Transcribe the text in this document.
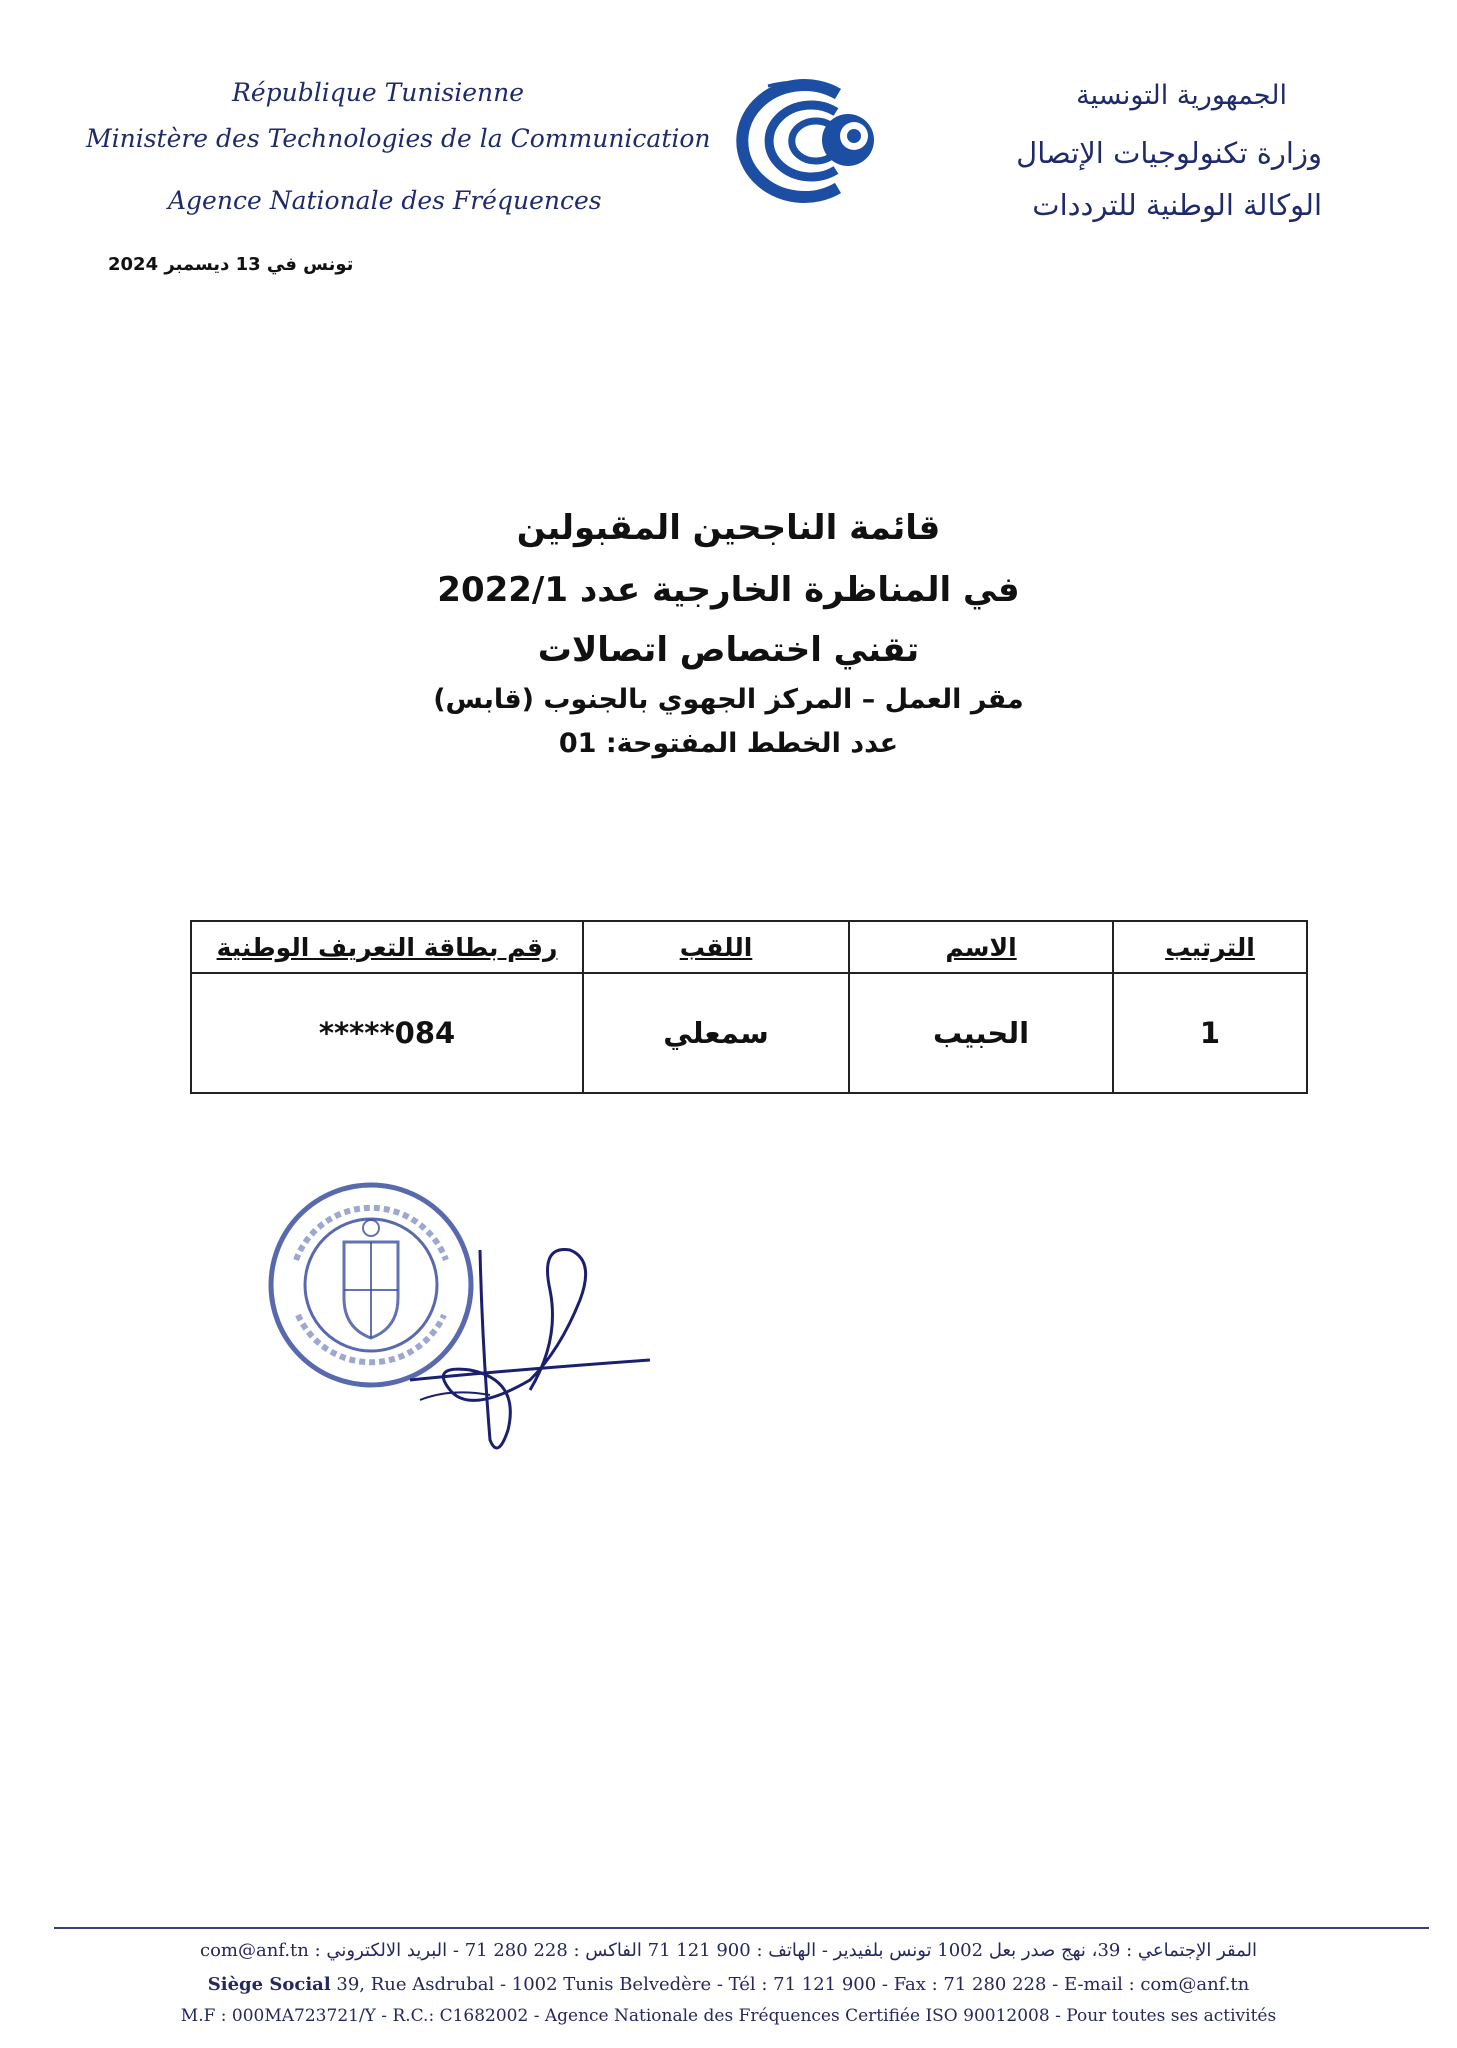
République Tunisienne
Ministère des Technologies de la Communication
Agence Nationale des Fréquences
الجمهورية التونسية
وزارة تكنولوجيات الإتصال
الوكالة الوطنية للترددات
تونس في 13 ديسمبر 2024
قائمة الناجحين المقبولين
في المناظرة الخارجية عدد 2022/1
تقني اختصاص اتصالات
مقر العمل – المركز الجهوي بالجنوب (قابس)
عدد الخطط المفتوحة: 01
الترتيب	الاسم	اللقب	رقم بطاقة التعريف الوطنية
1	الحبيب	سمعلي	*****084
المقر الإجتماعي : 39، نهج صدر بعل 1002 تونس بلفيدير - الهاتف : 900 121 71 الفاكس : 228 280 71 - البريد الالكتروني : com@anf.tn
Siège Social 39, Rue Asdrubal - 1002 Tunis Belvedère - Tél : 71 121 900 - Fax : 71 280 228 - E-mail : com@anf.tn
M.F : 000MA723721/Y - R.C.: C1682002 - Agence Nationale des Fréquences Certifiée ISO 90012008 - Pour toutes ses activités
